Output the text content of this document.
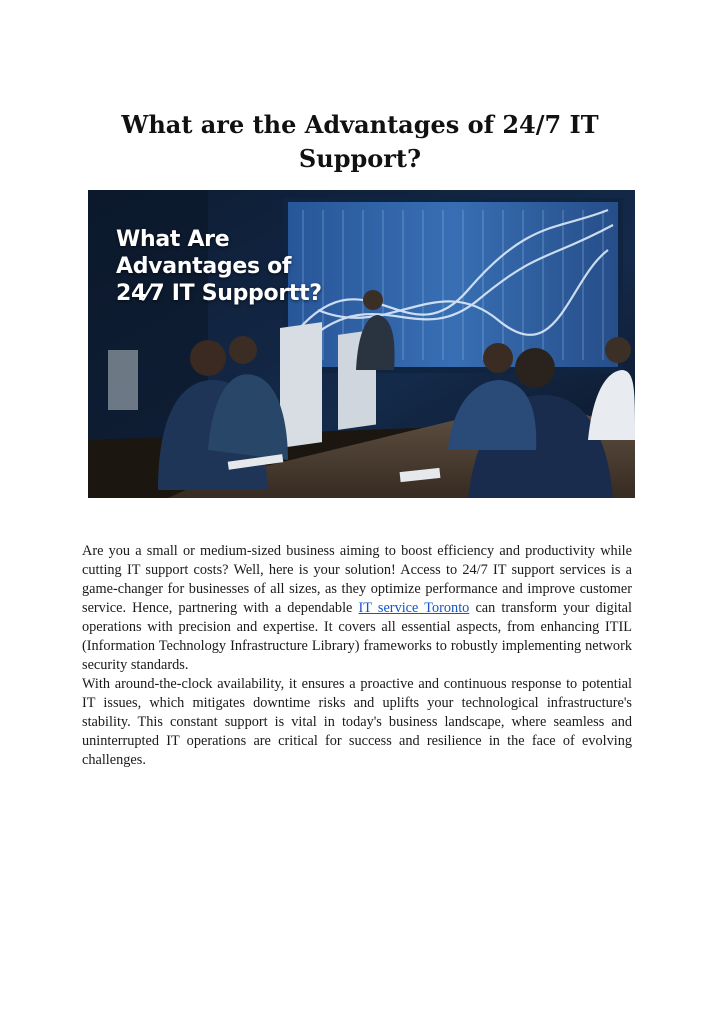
What are the Advantages of 24/7 IT
Support?
What Are
Advantages of
24⁄7 IT Supportt?

Are you a small or medium-sized business aiming to boost efficiency and productivity while cutting IT support costs? Well, here is your solution! Access to 24/7 IT support services is a game-changer for businesses of all sizes, as they optimize performance and improve customer service. Hence, partnering with a dependable IT service Toronto can transform your digital operations with precision and expertise. It covers all essential aspects, from enhancing ITIL (Information Technology Infrastructure Library) frameworks to robustly implementing network security standards.

With around-the-clock availability, it ensures a proactive and continuous response to potential IT issues, which mitigates downtime risks and uplifts your technological infrastructure's stability. This constant support is vital in today's business landscape, where seamless and uninterrupted IT operations are critical for success and resilience in the face of evolving challenges.
